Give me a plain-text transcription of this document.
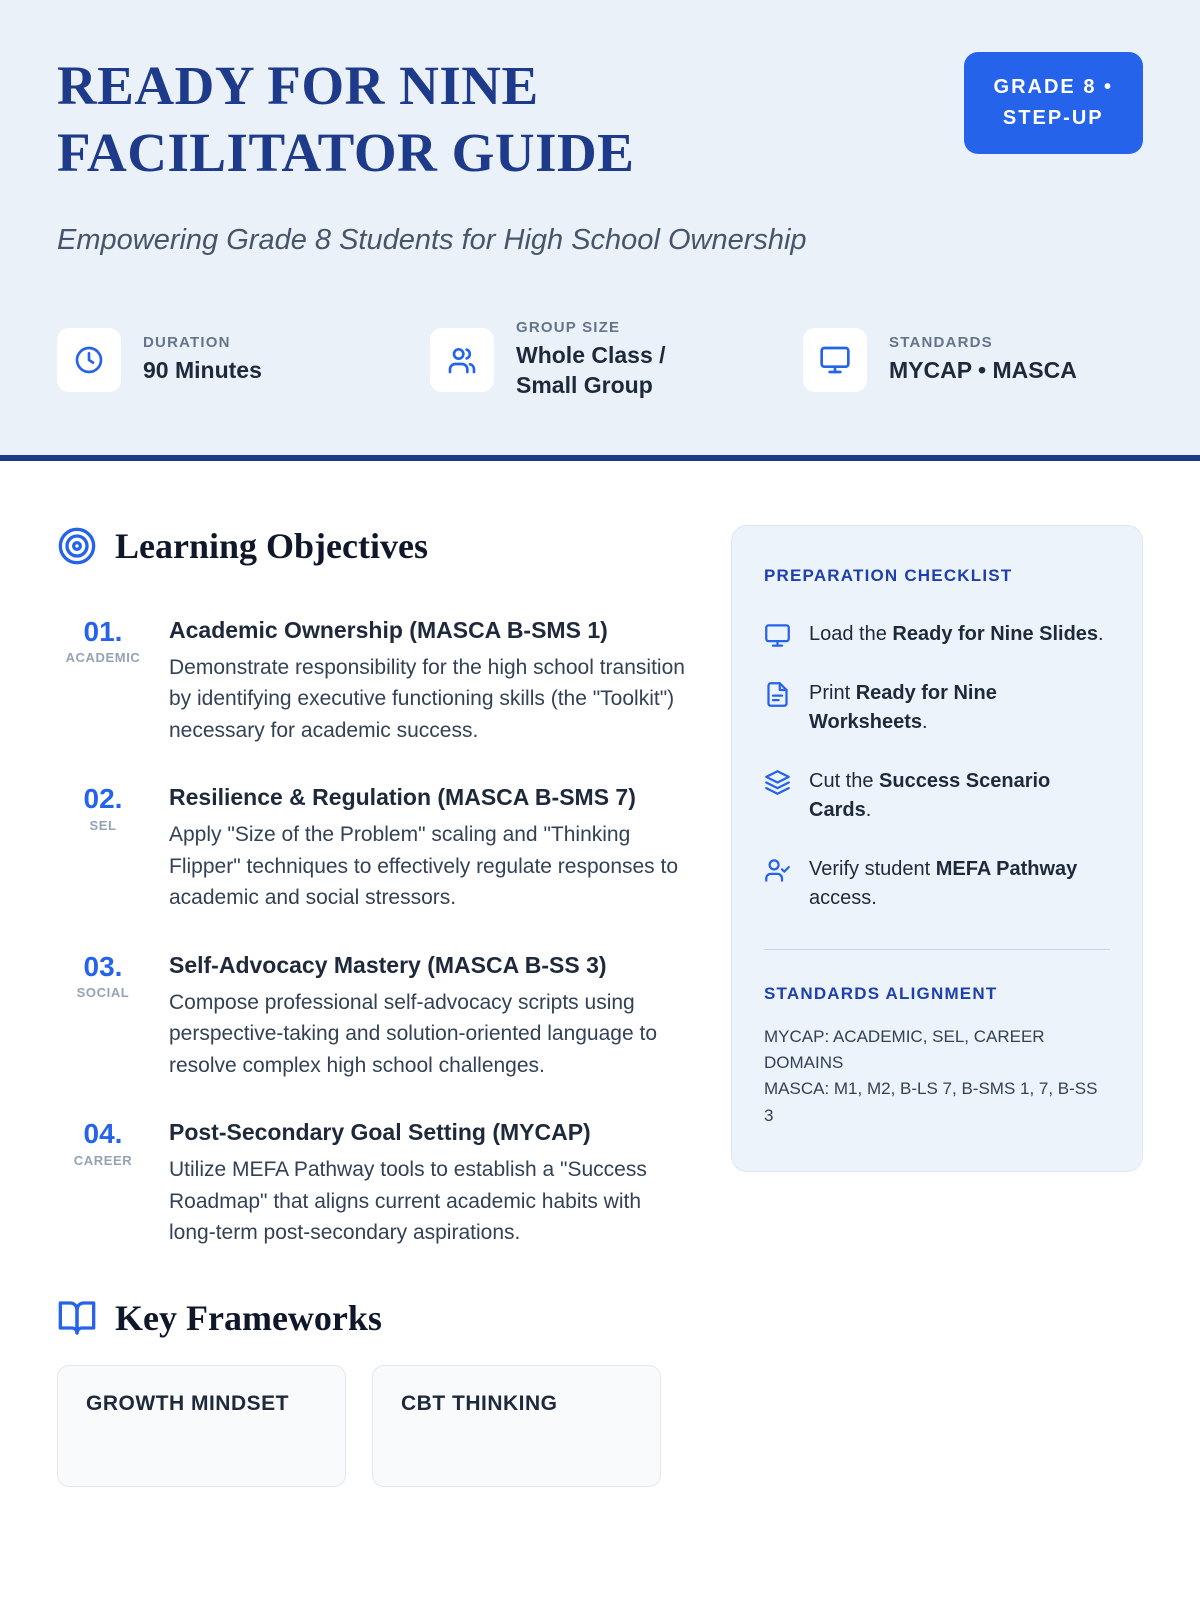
READY FOR NINE
FACILITATOR GUIDE
GRADE 8 •
STEP-UP

Empowering Grade 8 Students for High School Ownership

DURATION
90 Minutes
GROUP SIZE
Whole Class / Small Group
STANDARDS
MYCAP • MASCA
Learning Objectives
01.
ACADEMIC
Academic Ownership (MASCA B-SMS 1)
Demonstrate responsibility for the high school transition by identifying executive functioning skills (the "Toolkit") necessary for academic success.
02.
SEL
Resilience & Regulation (MASCA B-SMS 7)
Apply "Size of the Problem" scaling and "Thinking Flipper" techniques to effectively regulate responses to academic and social stressors.
03.
SOCIAL
Self-Advocacy Mastery (MASCA B-SS 3)
Compose professional self-advocacy scripts using perspective-taking and solution-oriented language to resolve complex high school challenges.
04.
CAREER
Post-Secondary Goal Setting (MYCAP)
Utilize MEFA Pathway tools to establish a "Success Roadmap" that aligns current academic habits with long-term post-secondary aspirations.
Key Frameworks
GROWTH MINDSET	CBT THINKING
PREPARATION CHECKLIST
Load the Ready for Nine Slides.
Print Ready for Nine Worksheets.
Cut the Success Scenario Cards.
Verify student MEFA Pathway access.
STANDARDS ALIGNMENT
MYCAP: ACADEMIC, SEL, CAREER DOMAINS
MASCA: M1, M2, B-LS 7, B-SMS 1, 7, B-SS 3
